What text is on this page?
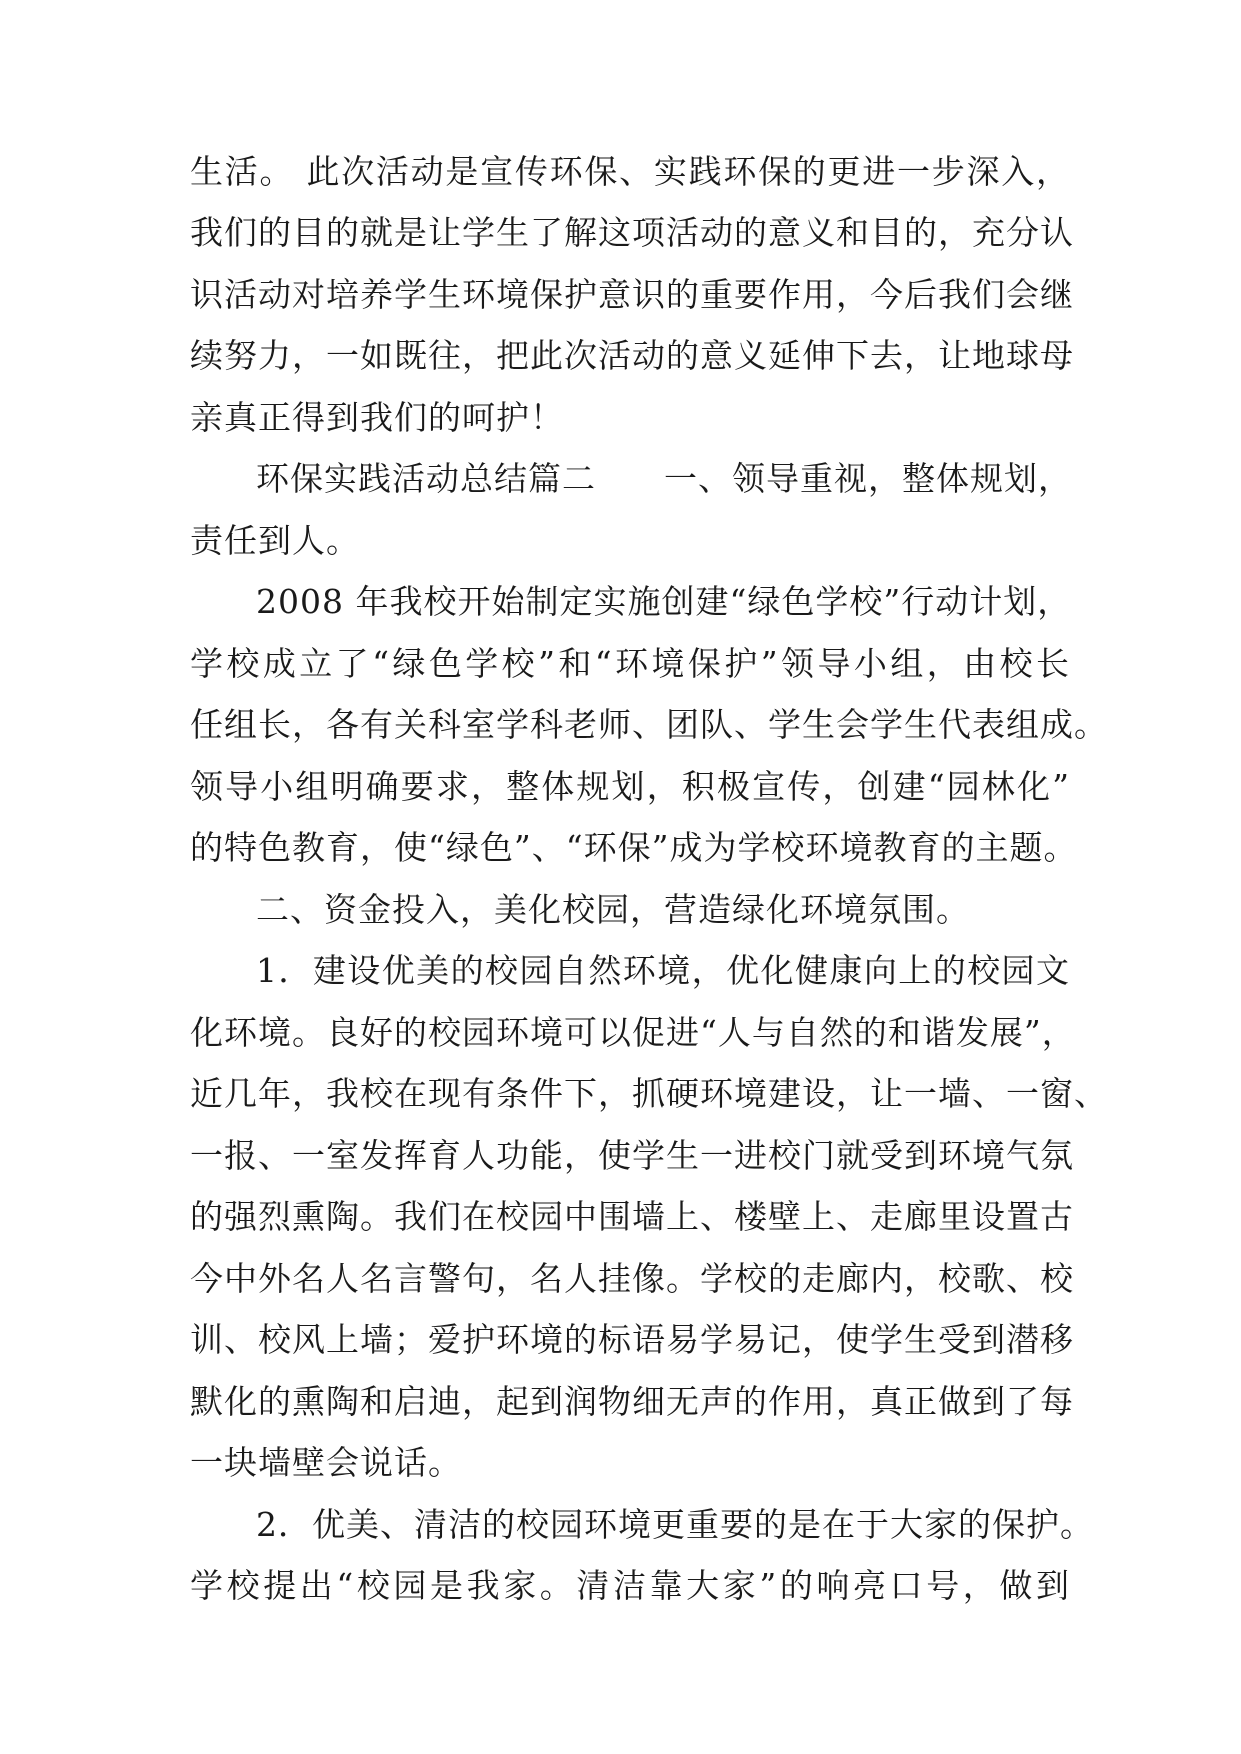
生活。 此次活动是宣传环保、实践环保的更进一步深入，
我们的目的就是让学生了解这项活动的意义和目的，充分认
识活动对培养学生环境保护意识的重要作用，今后我们会继
续努力，一如既往，把此次活动的意义延伸下去，让地球母
亲真正得到我们的呵护！
环保实践活动总结篇二　　一、领导重视，整体规划，
责任到人。
2008 年我校开始制定实施创建“绿色学校”行动计划，
学校成立了“绿色学校”和“环境保护”领导小组，由校长
任组长，各有关科室学科老师、团队、学生会学生代表组成。
领导小组明确要求，整体规划，积极宣传，创建“园林化”
的特色教育，使“绿色”、“环保”成为学校环境教育的主题。
二、资金投入，美化校园，营造绿化环境氛围。
1．建设优美的校园自然环境，优化健康向上的校园文
化环境。良好的校园环境可以促进“人与自然的和谐发展”，
近几年，我校在现有条件下，抓硬环境建设，让一墙、一窗、
一报、一室发挥育人功能，使学生一进校门就受到环境气氛
的强烈熏陶。我们在校园中围墙上、楼壁上、走廊里设置古
今中外名人名言警句，名人挂像。学校的走廊内，校歌、校
训、校风上墙；爱护环境的标语易学易记，使学生受到潜移
默化的熏陶和启迪，起到润物细无声的作用，真正做到了每
一块墙壁会说话。
2．优美、清洁的校园环境更重要的是在于大家的保护。
学校提出“校园是我家。清洁靠大家”的响亮口号，做到
